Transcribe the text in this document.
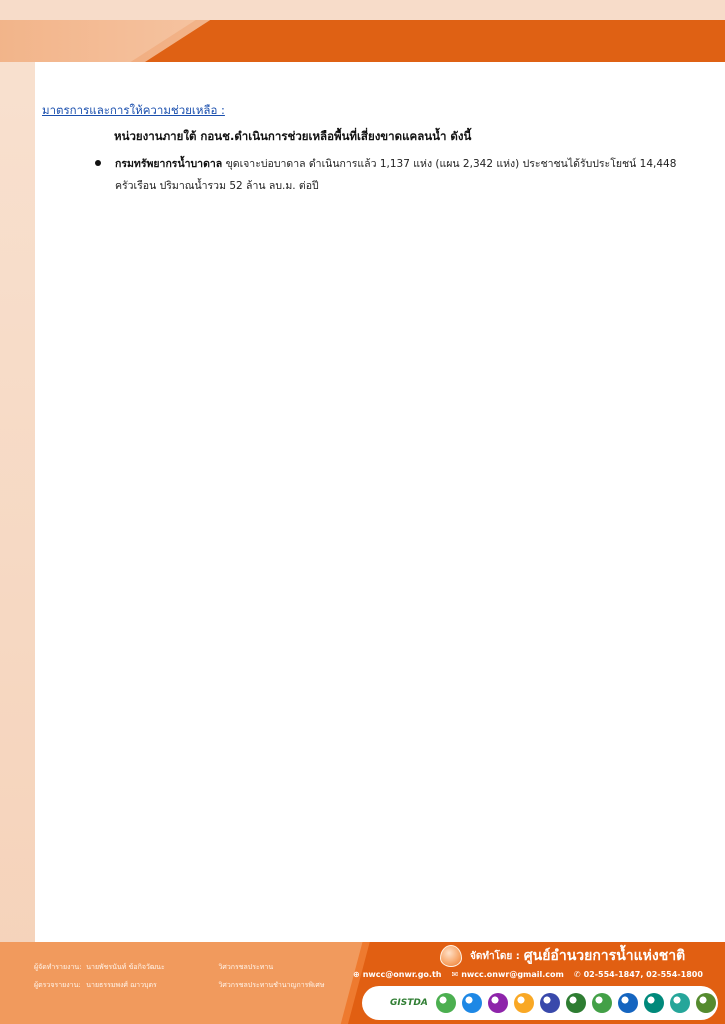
มาตรการและการให้ความช่วยเหลือ :
หน่วยงานภายใต้ กอนช.ดำเนินการช่วยเหลือพื้นที่เสี่ยงขาดแคลนน้ำ ดังนี้
กรมทรัพยากรน้ำบาดาล ขุดเจาะบ่อบาดาล ดำเนินการแล้ว 1,137 แห่ง (แผน 2,342 แห่ง) ประชาชนได้รับประโยชน์ 14,448 ครัวเรือน ปริมาณน้ำรวม 52 ล้าน ลบ.ม. ต่อปี
ผู้จัดทำรายงาน: นายพัชรนันท์ ข้อกิจวัฒนะ	วิศวกรชลประทาน
ผู้ตรวจรายงาน: นายธรรมพงศ์ ฌาวบุตร	วิศวกรชลประทานชำนาญการพิเศษ
จัดทำโดย : ศูนย์อำนวยการน้ำแห่งชาติ
⊕ nwcc@onwr.go.th ✉ nwcc.onwr@gmail.com ✆ 02-554-1847, 02-554-1800
GISTDA
